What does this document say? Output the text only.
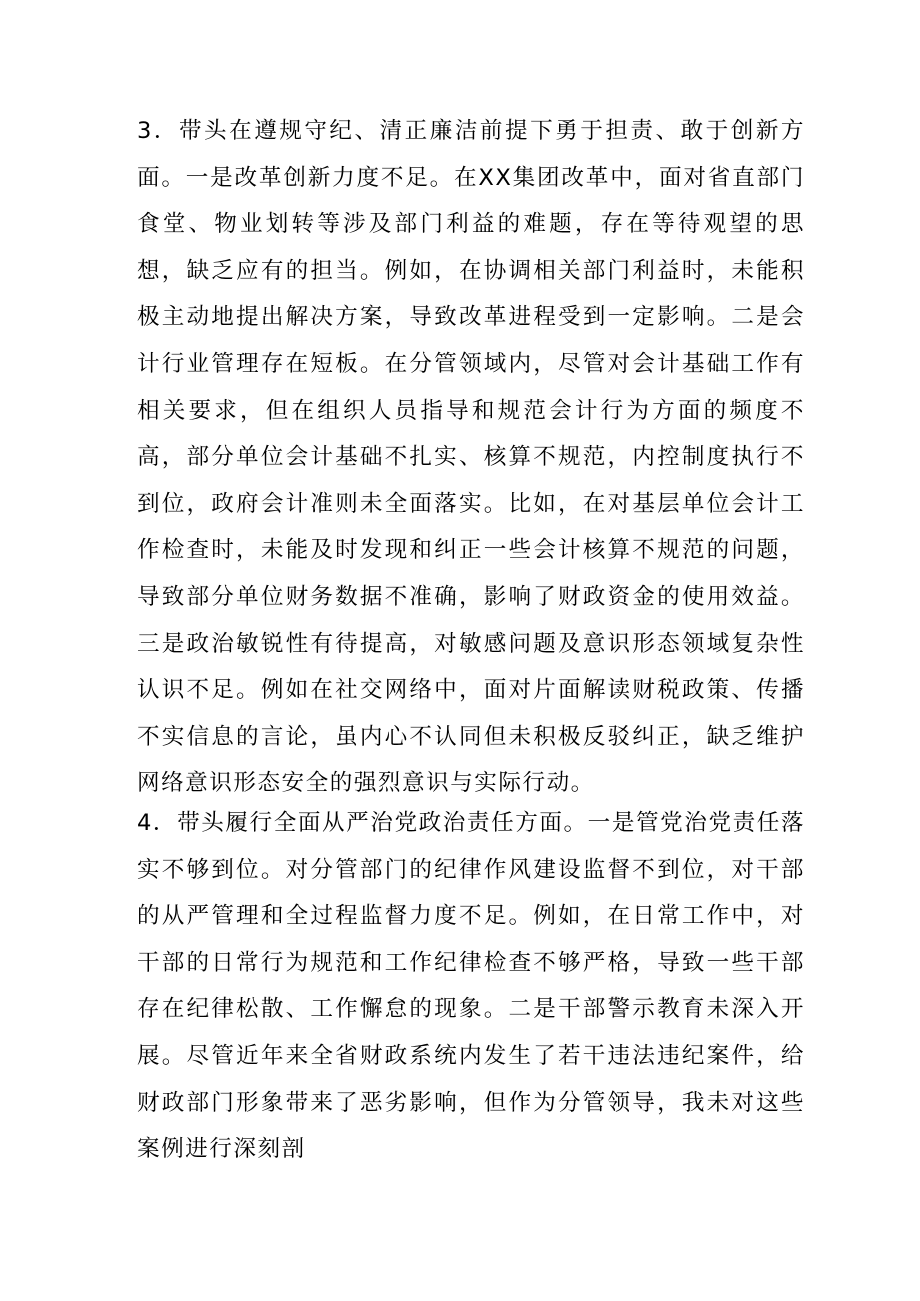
3．带头在遵规守纪、清正廉洁前提下勇于担责、敢于创新方面。一是改革创新力度不足。在XX集团改革中，面对省直部门食堂、物业划转等涉及部门利益的难题，存在等待观望的思想，缺乏应有的担当。例如，在协调相关部门利益时，未能积极主动地提出解决方案，导致改革进程受到一定影响。二是会计行业管理存在短板。在分管领域内，尽管对会计基础工作有相关要求，但在组织人员指导和规范会计行为方面的频度不高，部分单位会计基础不扎实、核算不规范，内控制度执行不到位，政府会计准则未全面落实。比如，在对基层单位会计工作检查时，未能及时发现和纠正一些会计核算不规范的问题，导致部分单位财务数据不准确，影响了财政资金的使用效益。三是政治敏锐性有待提高，对敏感问题及意识形态领域复杂性认识不足。例如在社交网络中，面对片面解读财税政策、传播不实信息的言论，虽内心不认同但未积极反驳纠正，缺乏维护网络意识形态安全的强烈意识与实际行动。

4．带头履行全面从严治党政治责任方面。一是管党治党责任落实不够到位。对分管部门的纪律作风建设监督不到位，对干部的从严管理和全过程监督力度不足。例如，在日常工作中，对干部的日常行为规范和工作纪律检查不够严格，导致一些干部存在纪律松散、工作懈怠的现象。二是干部警示教育未深入开展。尽管近年来全省财政系统内发生了若干违法违纪案件，给财政部门形象带来了恶劣影响，但作为分管领导，我未对这些案例进行深刻剖
